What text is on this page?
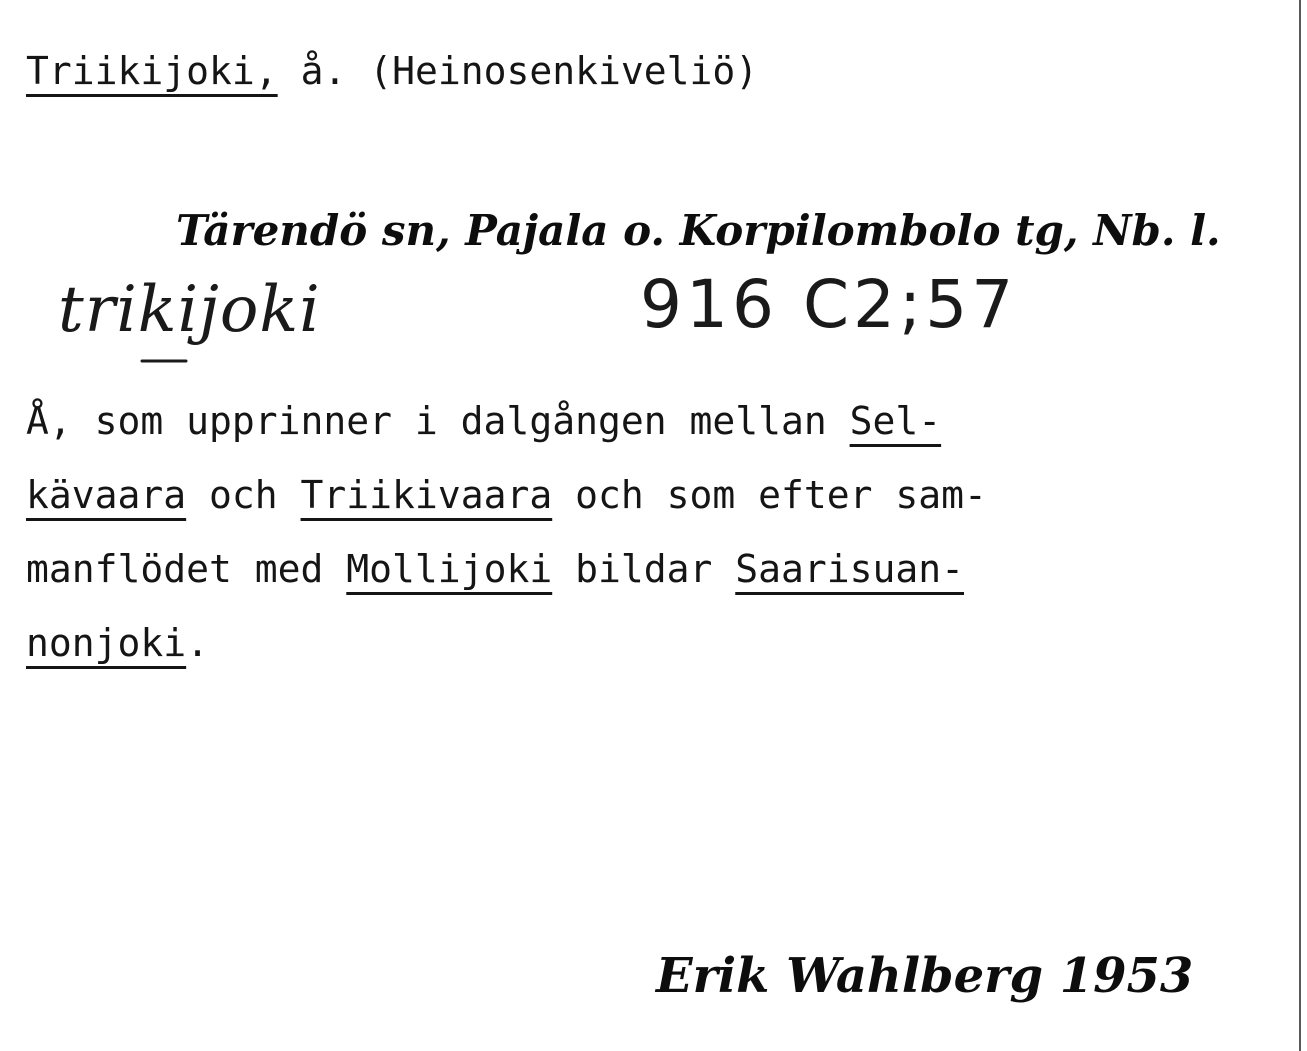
Triikijoki, å. (Heinosenkiveliö)
Tärendö sn, Pajala o. Korpilombolo tg, Nb. l.
trikijoki	916 C2;57
Å, som upprinner i dalgången mellan Sel-
kävaara och Triikivaara och som efter sam-
manflödet med Mollijoki bildar Saarisuan-
nonjoki.
Erik Wahlberg 1953
